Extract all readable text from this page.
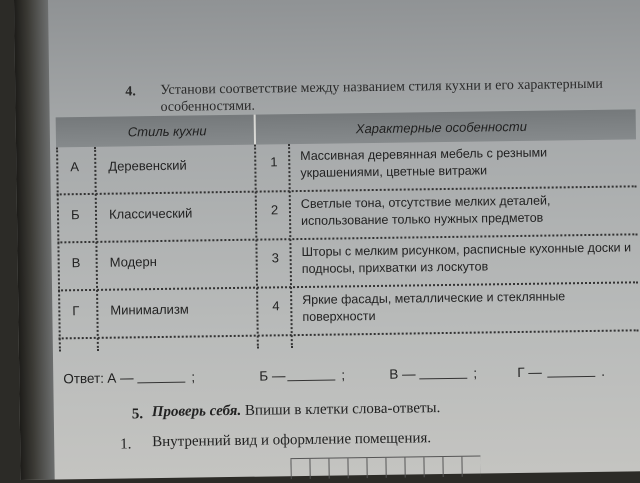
4. Установи соответствие между названием стиля кухни и его характерными особенностями.
Стиль кухни	Характерные особенности
А Деревенский	1 Массивная деревянная мебель с резными украшениями, цветные витражи
Б Классический	2 Светлые тона, отсутствие мелких деталей, использование только нужных предметов
В Модерн	3 Шторы с мелким рисунком, расписные кухонные доски и подносы, прихватки из лоскутов
Г Минимализм	4 Яркие фасады, металлические и стеклянные поверхности
Ответ: А —	;	Б —	;	В —	;	Г —	.
5. Проверь себя. Впиши в клетки слова-ответы.
1. Внутренний вид и оформление помещения.
